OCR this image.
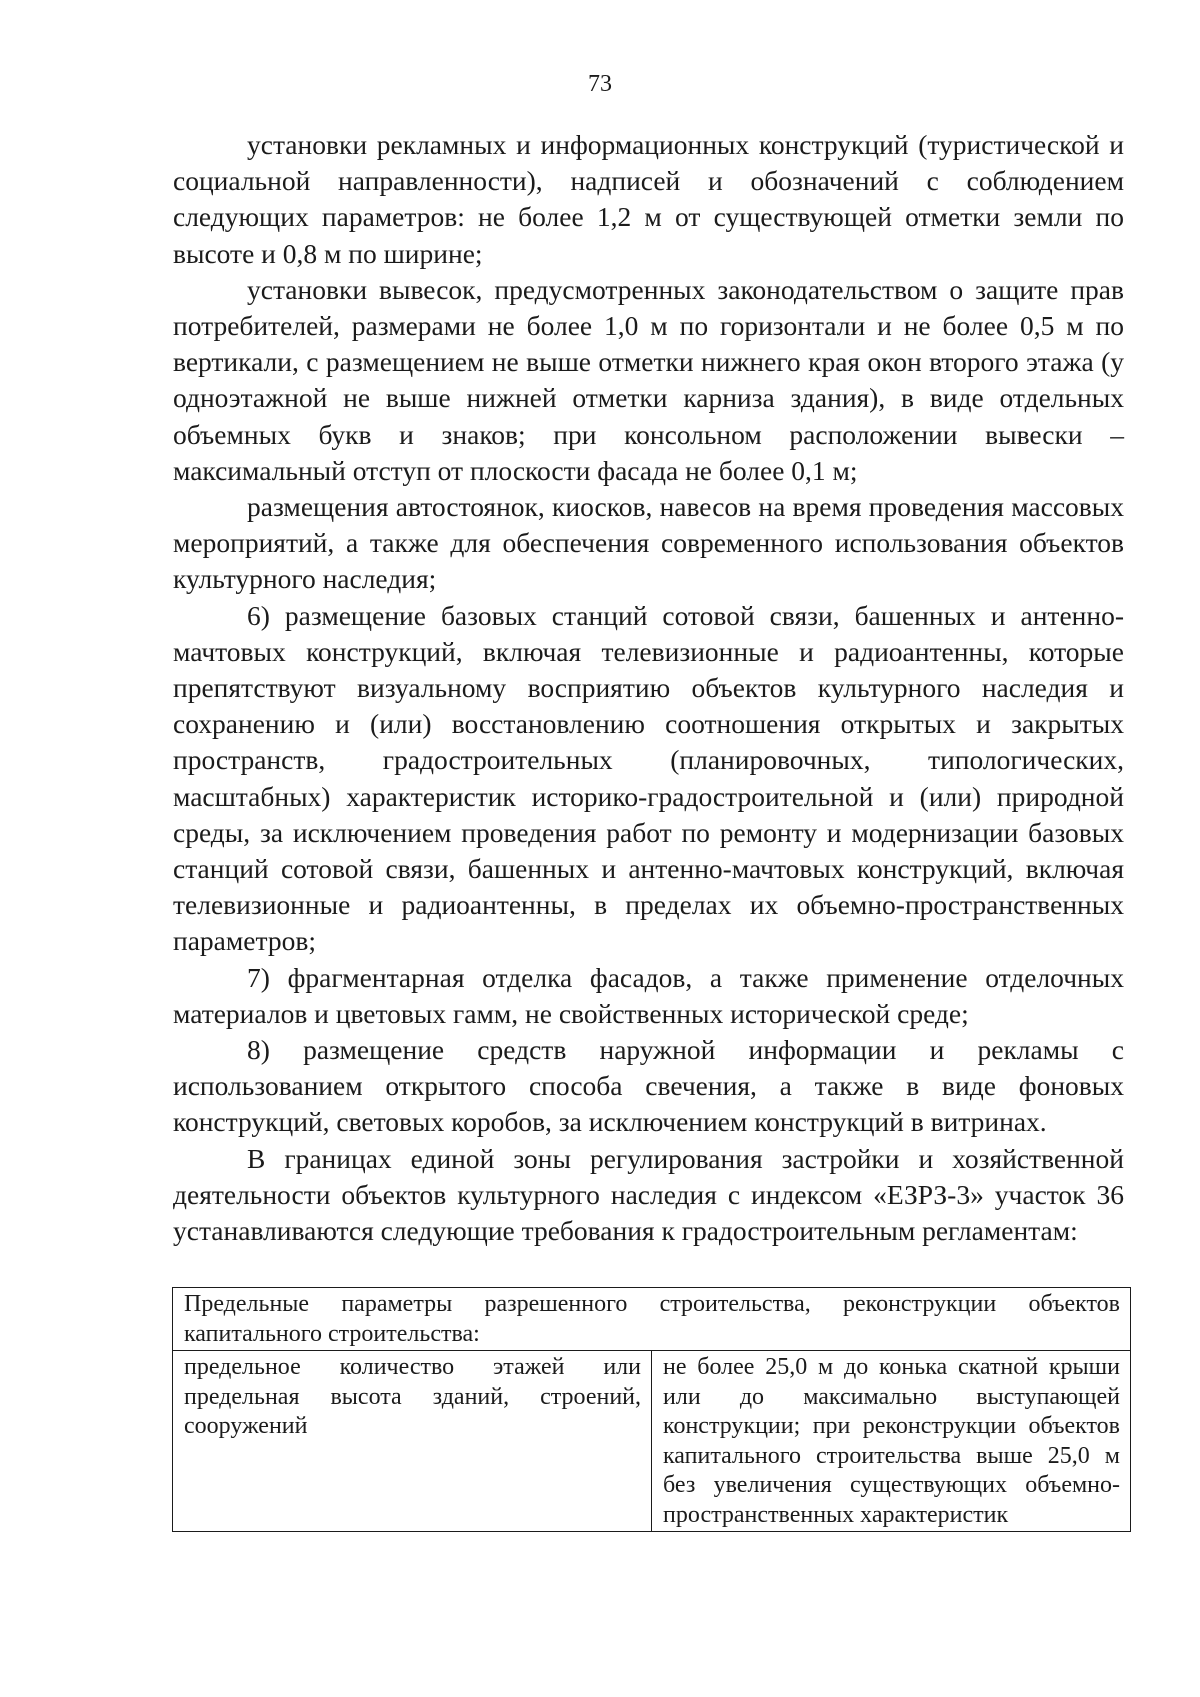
73

установки рекламных и информационных конструкций (туристической и социальной направленности), надписей и обозначений с соблюдением следующих параметров: не более 1,2 м от существующей отметки земли по высоте и 0,8 м по ширине;

установки вывесок, предусмотренных законодательством о защите прав потребителей, размерами не более 1,0 м по горизонтали и не более 0,5 м по вертикали, с размещением не выше отметки нижнего края окон второго этажа (у одноэтажной не выше нижней отметки карниза здания), в виде отдельных объемных букв и знаков; при консольном расположении вывески – максимальный отступ от плоскости фасада не более 0,1 м;

размещения автостоянок, киосков, навесов на время проведения массовых мероприятий, а также для обеспечения современного использования объектов культурного наследия;

6) размещение базовых станций сотовой связи, башенных и антенно-мачтовых конструкций, включая телевизионные и радиоантенны, которые препятствуют визуальному восприятию объектов культурного наследия и сохранению и (или) восстановлению соотношения открытых и закрытых пространств, градостроительных (планировочных, типологических, масштабных) характеристик историко-градостроительной и (или) природной среды, за исключением проведения работ по ремонту и модернизации базовых станций сотовой связи, башенных и антенно-мачтовых конструкций, включая телевизионные и радиоантенны, в пределах их объемно-пространственных параметров;

7) фрагментарная отделка фасадов, а также применение отделочных материалов и цветовых гамм, не свойственных исторической среде;

8) размещение средств наружной информации и рекламы с использованием открытого способа свечения, а также в виде фоновых конструкций, световых коробов, за исключением конструкций в витринах.

В границах единой зоны регулирования застройки и хозяйственной деятельности объектов культурного наследия с индексом «ЕЗРЗ-3» участок 36 устанавливаются следующие требования к градостроительным регламентам:

Предельные параметры разрешенного строительства, реконструкции объектов капитального строительства:
предельное количество этажей или предельная высота зданий, строений, сооружений	не более 25,0 м до конька скатной крыши или до максимально выступающей конструкции; при реконструкции объектов капитального строительства выше 25,0 м без увеличения существующих объемно-пространственных характеристик
